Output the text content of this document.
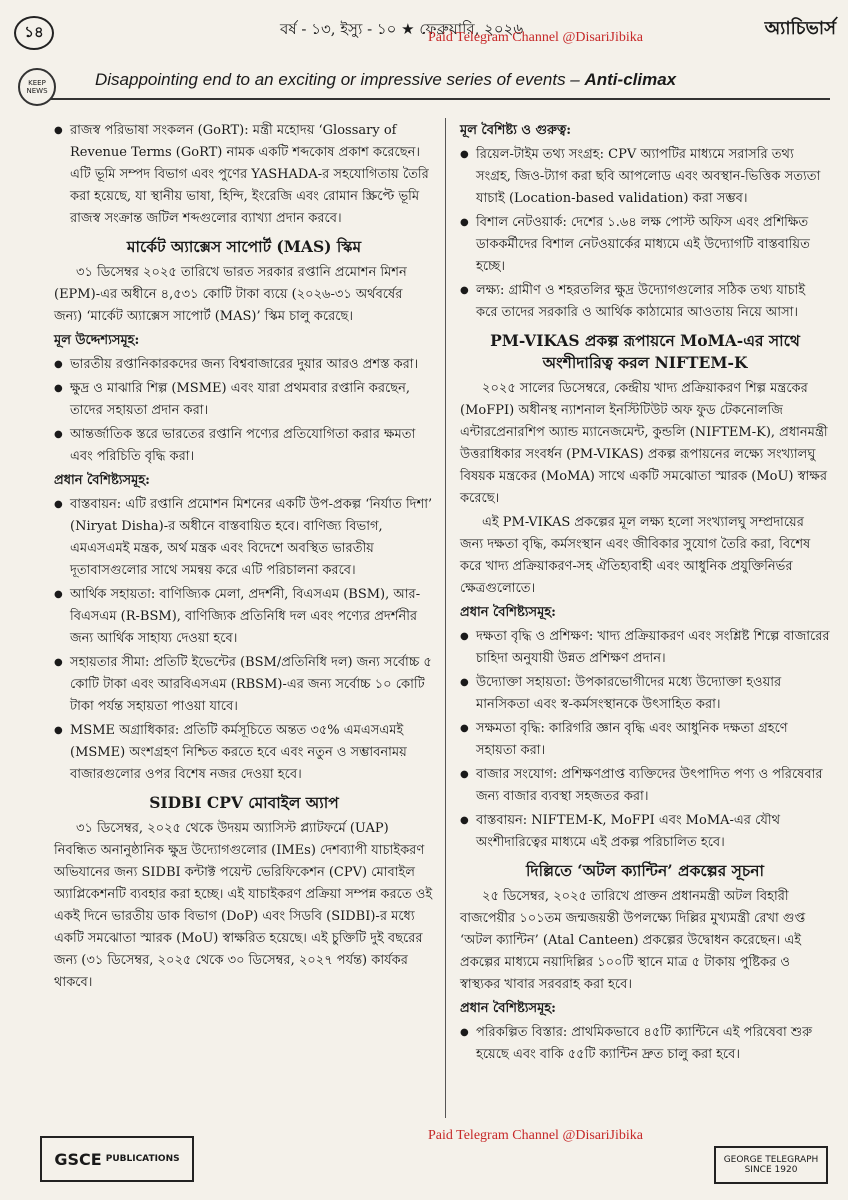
১৪	বর্ষ - ১৩, ইস্যু - ১০ ★ ফেব্রুয়ারি, ২০২৬	অ্যাচিভার্স
Paid Telegram Channel @DisariJibika
KEEP NEWS
Disappointing end to an exciting or impressive series of events – Anti-climax
● রাজস্ব পরিভাষা সংকলন (GoRT): মন্ত্রী মহোদয় ‘Glossary of Revenue Terms (GoRT) নামক একটি শব্দকোষ প্রকাশ করেছেন। এটি ভূমি সম্পদ বিভাগ এবং পুণের YASHADA-র সহযোগিতায় তৈরি করা হয়েছে, যা স্থানীয় ভাষা, হিন্দি, ইংরেজি এবং রোমান স্ক্রিপ্টে ভূমি রাজস্ব সংক্রান্ত জটিল শব্দগুলোর ব্যাখ্যা প্রদান করবে।
মার্কেট অ্যাক্সেস সাপোর্ট (MAS) স্কিম
৩১ ডিসেম্বর ২০২৫ তারিখে ভারত সরকার রপ্তানি প্রমোশন মিশন (EPM)-এর অধীনে ৪,৫৩১ কোটি টাকা ব্যয়ে (২০২৬-৩১ অর্থবর্ষের জন্য) ‘মার্কেট অ্যাক্সেস সাপোর্ট (MAS)’ স্কিম চালু করেছে।
মূল উদ্দেশ্যসমূহ:
● ভারতীয় রপ্তানিকারকদের জন্য বিশ্ববাজারের দুয়ার আরও প্রশস্ত করা।
● ক্ষুদ্র ও মাঝারি শিল্প (MSME) এবং যারা প্রথমবার রপ্তানি করছেন, তাদের সহায়তা প্রদান করা।
● আন্তর্জাতিক স্তরে ভারতের রপ্তানি পণ্যের প্রতিযোগিতা করার ক্ষমতা এবং পরিচিতি বৃদ্ধি করা।
প্রধান বৈশিষ্ট্যসমূহ:
● বাস্তবায়ন: এটি রপ্তানি প্রমোশন মিশনের একটি উপ-প্রকল্প ‘নির্যাত দিশা’ (Niryat Disha)-র অধীনে বাস্তবায়িত হবে। বাণিজ্য বিভাগ, এমএসএমই মন্ত্রক, অর্থ মন্ত্রক এবং বিদেশে অবস্থিত ভারতীয় দূতাবাসগুলোর সাথে সমন্বয় করে এটি পরিচালনা করবে।
● আর্থিক সহায়তা: বাণিজ্যিক মেলা, প্রদর্শনী, বিএসএম (BSM), আর-বিএসএম (R-BSM), বাণিজ্যিক প্রতিনিধি দল এবং পণ্যের প্রদর্শনীর জন্য আর্থিক সাহায্য দেওয়া হবে।
● সহায়তার সীমা: প্রতিটি ইভেন্টের (BSM/প্রতিনিধি দল) জন্য সর্বোচ্চ ৫ কোটি টাকা এবং আরবিএসএম (RBSM)-এর জন্য সর্বোচ্চ ১০ কোটি টাকা পর্যন্ত সহায়তা পাওয়া যাবে।
● MSME অগ্রাধিকার: প্রতিটি কর্মসূচিতে অন্তত ৩৫% এমএসএমই (MSME) অংশগ্রহণ নিশ্চিত করতে হবে এবং নতুন ও সম্ভাবনাময় বাজারগুলোর ওপর বিশেষ নজর দেওয়া হবে।
SIDBI CPV মোবাইল অ্যাপ
৩১ ডিসেম্বর, ২০২৫ থেকে উদয়ম অ্যাসিস্ট প্ল্যাটফর্মে (UAP) নিবন্ধিত অনানুষ্ঠানিক ক্ষুদ্র উদ্যোগগুলোর (IMEs) দেশব্যাপী যাচাইকরণ অভিযানের জন্য SIDBI কন্টাক্ট পয়েন্ট ভেরিফিকেশন (CPV) মোবাইল অ্যাপ্লিকেশনটি ব্যবহার করা হচ্ছে। এই যাচাইকরণ প্রক্রিয়া সম্পন্ন করতে ওই একই দিনে ভারতীয় ডাক বিভাগ (DoP) এবং সিডবি (SIDBI)-র মধ্যে একটি সমঝোতা স্মারক (MoU) স্বাক্ষরিত হয়েছে। এই চুক্তিটি দুই বছরের জন্য (৩১ ডিসেম্বর, ২০২৫ থেকে ৩০ ডিসেম্বর, ২০২৭ পর্যন্ত) কার্যকর থাকবে।
মূল বৈশিষ্ট্য ও গুরুত্ব:
● রিয়েল-টাইম তথ্য সংগ্রহ: CPV অ্যাপটির মাধ্যমে সরাসরি তথ্য সংগ্রহ, জিও-ট্যাগ করা ছবি আপলোড এবং অবস্থান-ভিত্তিক সত্যতা যাচাই (Location-based validation) করা সম্ভব।
● বিশাল নেটওয়ার্ক: দেশের ১.৬৪ লক্ষ পোস্ট অফিস এবং প্রশিক্ষিত ডাককর্মীদের বিশাল নেটওয়ার্কের মাধ্যমে এই উদ্যোগটি বাস্তবায়িত হচ্ছে।
● লক্ষ্য: গ্রামীণ ও শহরতলির ক্ষুদ্র উদ্যোগগুলোর সঠিক তথ্য যাচাই করে তাদের সরকারি ও আর্থিক কাঠামোর আওতায় নিয়ে আসা।
PM-VIKAS প্রকল্প রূপায়নে MoMA-এর সাথে অংশীদারিত্ব করল NIFTEM-K
২০২৫ সালের ডিসেম্বরে, কেন্দ্রীয় খাদ্য প্রক্রিয়াকরণ শিল্প মন্ত্রকের (MoFPI) অধীনস্থ ন্যাশনাল ইনস্টিটিউট অফ ফুড টেকনোলজি এন্টারপ্রেনারশিপ অ্যান্ড ম্যানেজমেন্ট, কুন্ডলি (NIFTEM-K), প্রধানমন্ত্রী উত্তরাধিকার সংবর্ধন (PM-VIKAS) প্রকল্প রূপায়নের লক্ষ্যে সংখ্যালঘু বিষয়ক মন্ত্রকের (MoMA) সাথে একটি সমঝোতা স্মারক (MoU) স্বাক্ষর করেছে।
এই PM-VIKAS প্রকল্পের মূল লক্ষ্য হলো সংখ্যালঘু সম্প্রদায়ের জন্য দক্ষতা বৃদ্ধি, কর্মসংস্থান এবং জীবিকার সুযোগ তৈরি করা, বিশেষ করে খাদ্য প্রক্রিয়াকরণ-সহ ঐতিহ্যবাহী এবং আধুনিক প্রযুক্তিনির্ভর ক্ষেত্রগুলোতে।
প্রধান বৈশিষ্ট্যসমূহ:
● দক্ষতা বৃদ্ধি ও প্রশিক্ষণ: খাদ্য প্রক্রিয়াকরণ এবং সংশ্লিষ্ট শিল্পে বাজারের চাহিদা অনুযায়ী উন্নত প্রশিক্ষণ প্রদান।
● উদ্যোক্তা সহায়তা: উপকারভোগীদের মধ্যে উদ্যোক্তা হওয়ার মানসিকতা এবং স্ব-কর্মসংস্থানকে উৎসাহিত করা।
● সক্ষমতা বৃদ্ধি: কারিগরি জ্ঞান বৃদ্ধি এবং আধুনিক দক্ষতা গ্রহণে সহায়তা করা।
● বাজার সংযোগ: প্রশিক্ষণপ্রাপ্ত ব্যক্তিদের উৎপাদিত পণ্য ও পরিষেবার জন্য বাজার ব্যবস্থা সহজতর করা।
● বাস্তবায়ন: NIFTEM-K, MoFPI এবং MoMA-এর যৌথ অংশীদারিত্বের মাধ্যমে এই প্রকল্প পরিচালিত হবে।
দিল্লিতে ‘অটল ক্যান্টিন’ প্রকল্পের সূচনা
২৫ ডিসেম্বর, ২০২৫ তারিখে প্রাক্তন প্রধানমন্ত্রী অটল বিহারী বাজপেয়ীর ১০১তম জন্মজয়ন্তী উপলক্ষ্যে দিল্লির মুখ্যমন্ত্রী রেখা গুপ্ত ‘অটল ক্যান্টিন’ (Atal Canteen) প্রকল্পের উদ্বোধন করেছেন। এই প্রকল্পের মাধ্যমে নয়াদিল্লির ১০০টি স্থানে মাত্র ৫ টাকায় পুষ্টিকর ও স্বাস্থ্যকর খাবার সরবরাহ করা হবে।
প্রধান বৈশিষ্ট্যসমূহ:
● পরিকল্পিত বিস্তার: প্রাথমিকভাবে ৪৫টি ক্যান্টিনে এই পরিষেবা শুরু হয়েছে এবং বাকি ৫৫টি ক্যান্টিন দ্রুত চালু করা হবে।
Paid Telegram Channel @DisariJibika
GSCE PUBLICATIONS	GEORGE TELEGRAPH
SINCE 1920
